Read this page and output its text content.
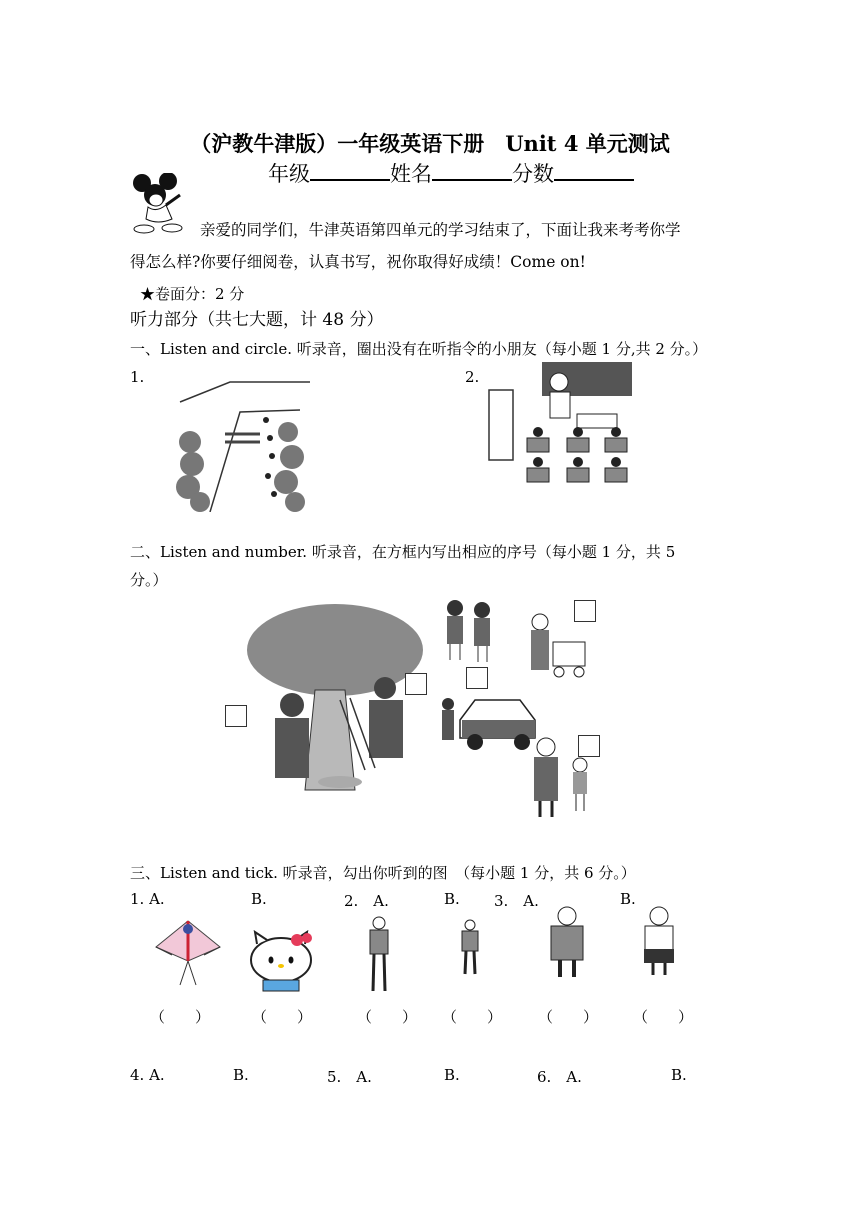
（沪教牛津版）一年级英语下册　Unit 4 单元测试
年级	姓名	分数
亲爱的同学们，牛津英语第四单元的学习结束了，下面让我来考考你学
得怎么样?你要仔细阅卷，认真书写，祝你取得好成绩！Come on!
★卷面分：2 分
听力部分（共七大题，计 48 分）
一、Listen and circle. 听录音，圈出没有在听指令的小朋友（每小题 1 分,共 2 分。）
1.	2.
二、Listen and number. 听录音，在方框内写出相应的序号（每小题 1 分，共 5
分。）
三、Listen and tick. 听录音，勾出你听到的图　（每小题 1 分，共 6 分。）
1. A.	B.	2.　A.	B. 3.　A.	B.
（　　）	（　　）	（　　） （　　） （　　） （　　）
4. A.	B.	5.　A.	B.	6.　A.	B.
